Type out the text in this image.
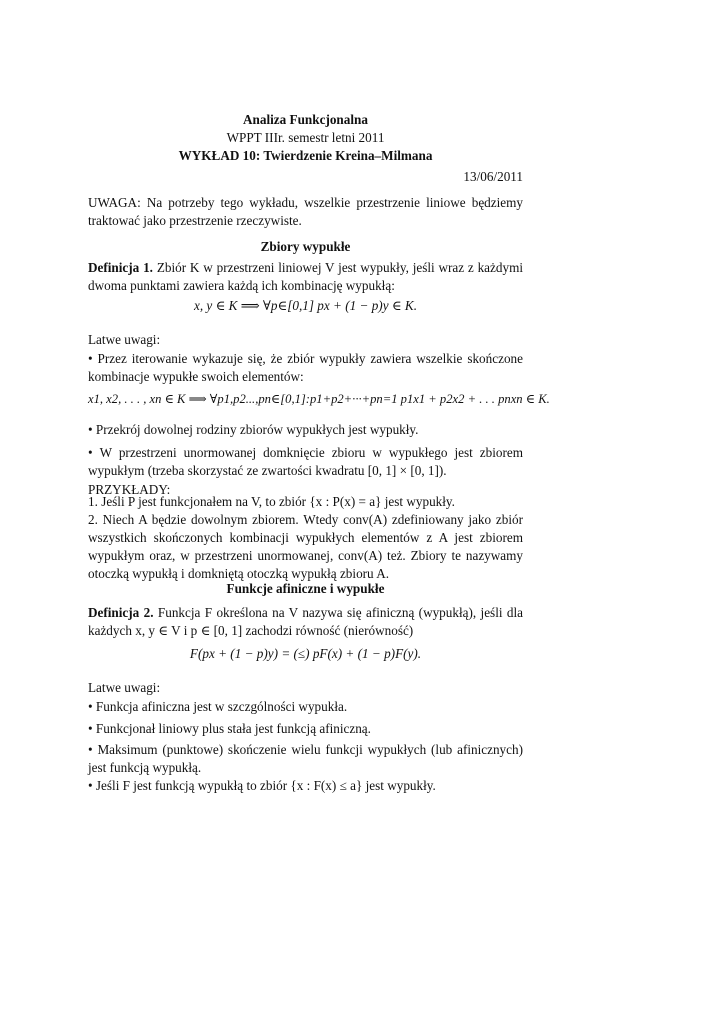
Analiza Funkcjonalna
WPPT IIIr. semestr letni 2011
WYKŁAD 10: Twierdzenie Kreina–Milmana
13/06/2011
UWAGA: Na potrzeby tego wykładu, wszelkie przestrzenie liniowe będziemy traktować jako przestrzenie rzeczywiste.
Zbiory wypukłe
Definicja 1. Zbiór K w przestrzeni liniowej V jest wypukły, jeśli wraz z każdymi dwoma punktami zawiera każdą ich kombinację wypukłą:
x, y ∈ K ⟹ ∀p∈[0,1] px + (1 − p)y ∈ K.
Latwe uwagi:
• Przez iterowanie wykazuje się, że zbiór wypukły zawiera wszelkie skończone kombinacje wypukłe swoich elementów:
x1, x2, . . . , xn ∈ K ⟹ ∀p1,p2...,pn∈[0,1]:p1+p2+···+pn=1 p1x1 + p2x2 + . . . pnxn ∈ K.
• Przekrój dowolnej rodziny zbiorów wypukłych jest wypukły.
• W przestrzeni unormowanej domknięcie zbioru w wypukłego jest zbiorem wypukłym (trzeba skorzystać ze zwartości kwadratu [0, 1] × [0, 1]).
PRZYKŁADY:
1. Jeśli P jest funkcjonałem na V, to zbiór {x : P(x) = a} jest wypukły.
2. Niech A będzie dowolnym zbiorem. Wtedy conv(A) zdefiniowany jako zbiór wszystkich skończonych kombinacji wypukłych elementów z A jest zbiorem wypukłym oraz, w przestrzeni unormowanej, conv(A) też. Zbiory te nazywamy otoczką wypukłą i domkniętą otoczką wypukłą zbioru A.
Funkcje afiniczne i wypukłe
Definicja 2. Funkcja F określona na V nazywa się afiniczną (wypukłą), jeśli dla każdych x, y ∈ V i p ∈ [0, 1] zachodzi równość (nierówność)
F(px + (1 − p)y) = (≤) pF(x) + (1 − p)F(y).
Latwe uwagi:
• Funkcja afiniczna jest w szczgólności wypukła.
• Funkcjonał liniowy plus stała jest funkcją afiniczną.
• Maksimum (punktowe) skończenie wielu funkcji wypukłych (lub afinicznych) jest funkcją wypukłą.
• Jeśli F jest funkcją wypukłą to zbiór {x : F(x) ≤ a} jest wypukły.
